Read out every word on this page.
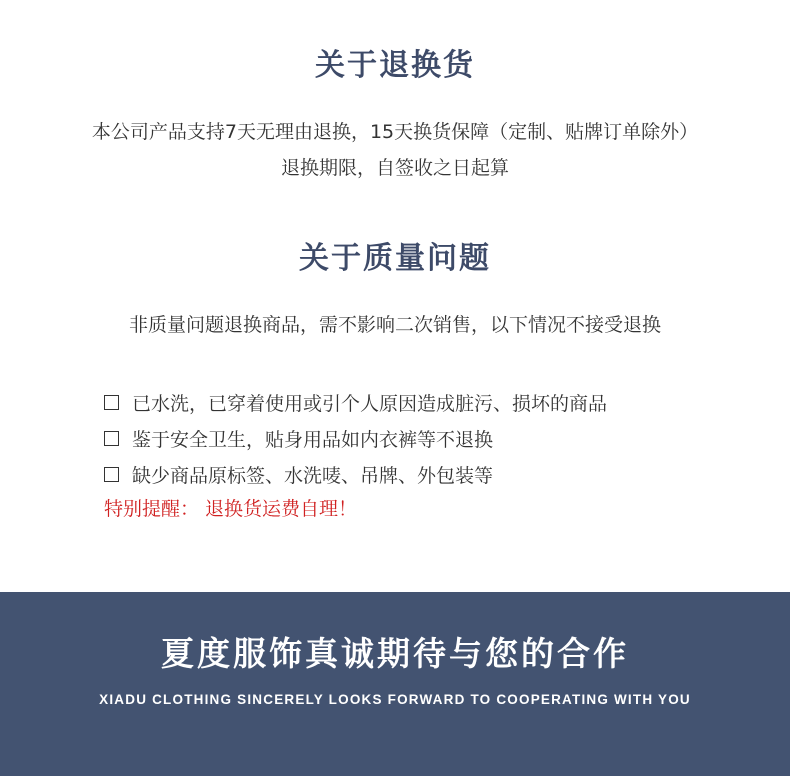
关于退换货
本公司产品支持7天无理由退换，15天换货保障（定制、贴牌订单除外）
退换期限，自签收之日起算
关于质量问题
非质量问题退换商品，需不影响二次销售，以下情况不接受退换
已水洗，已穿着使用或引个人原因造成脏污、损坏的商品
鉴于安全卫生，贴身用品如内衣裤等不退换
缺少商品原标签、水洗唛、吊牌、外包装等
特别提醒： 退换货运费自理！
夏度服饰真诚期待与您的合作
XIADU CLOTHING SINCERELY LOOKS FORWARD TO COOPERATING WITH YOU
